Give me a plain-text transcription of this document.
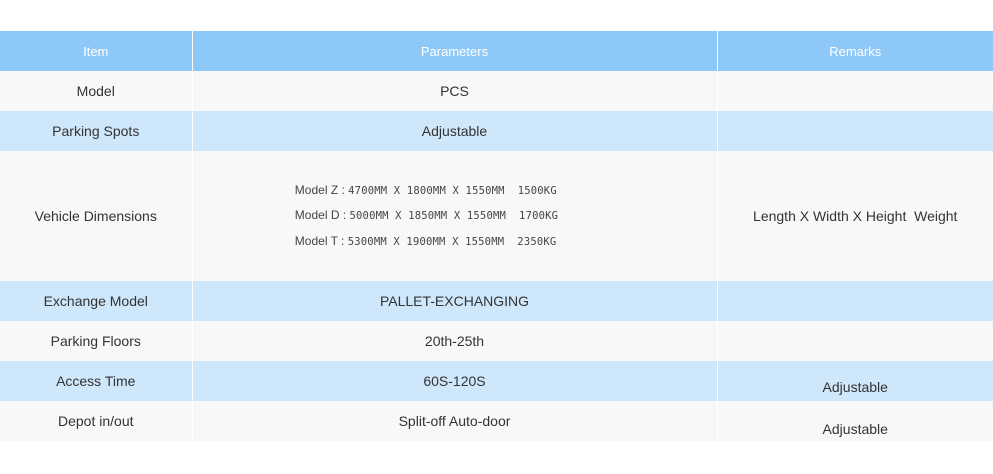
Item	Parameters	Remarks
Model	PCS	
Parking Spots	Adjustable	
Vehicle Dimensions	Model Z : 4700MM X 1800MM X 1550MM  1500KG
Model D : 5000MM X 1850MM X 1550MM  1700KG
Model T : 5300MM X 1900MM X 1550MM  2350KG	Length X Width X Height  Weight
Exchange Model	PALLET-EXCHANGING	
Parking Floors	20th-25th	
Access Time	60S-120S	Adjustable
Depot in/out	Split-off Auto-door	Adjustable
